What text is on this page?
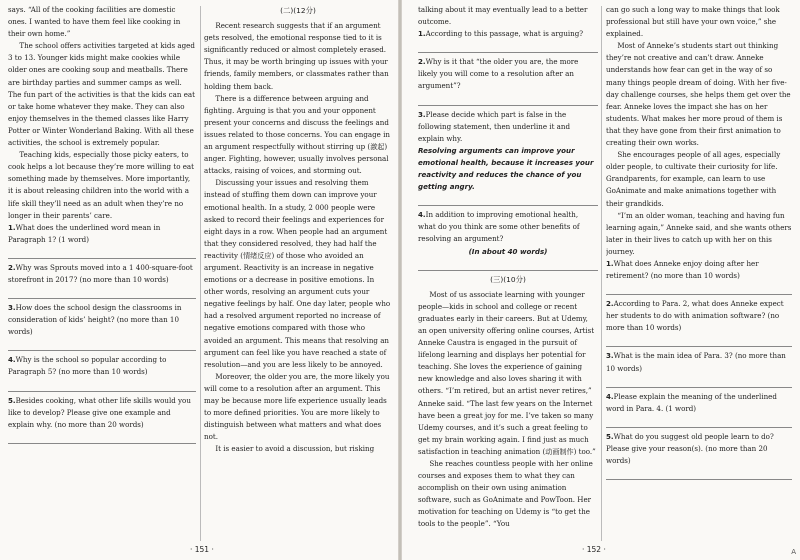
says. “All of the cooking facilities are domestic ones. I wanted to have them feel like cooking in their own home.”

The school offers activities targeted at kids aged 3 to 13. Younger kids might make cookies while older ones are cooking soup and meatballs. There are birthday parties and summer camps as well. The fun part of the activities is that the kids can eat or take home whatever they make. They can also enjoy themselves in the themed classes like Harry Potter or Winter Wonderland Baking. With all these activities, the school is extremely popular.

Teaching kids, especially those picky eaters, to cook helps a lot because they’re more willing to eat something made by themselves. More importantly, it is about releasing children into the world with a life skill they’ll need as an adult when they’re no longer in their parents’ care.

1.What does the underlined word mean in Paragraph 1? (1 word)

2.Why was Sprouts moved into a 1 400-square-foot storefront in 2017? (no more than 10 words)

3.How does the school design the classrooms in consideration of kids’ height? (no more than 10 words)

4.Why is the school so popular according to Paragraph 5? (no more than 10 words)

5.Besides cooking, what other life skills would you like to develop? Please give one example and explain why. (no more than 20 words)

(二)(12分)

Recent research suggests that if an argument gets resolved, the emotional response tied to it is significantly reduced or almost completely erased. Thus, it may be worth bringing up issues with your friends, family members, or classmates rather than holding them back.

There is a difference between arguing and fighting. Arguing is that you and your opponent present your concerns and discuss the feelings and issues related to those concerns. You can engage in an argument respectfully without stirring up (激起) anger. Fighting, however, usually involves personal attacks, raising of voices, and storming out.

Discussing your issues and resolving them instead of stuffing them down can improve your emotional health. In a study, 2 000 people were asked to record their feelings and experiences for eight days in a row. When people had an argument that they considered resolved, they had half the reactivity (情绪反应) of those who avoided an argument. Reactivity is an increase in negative emotions or a decrease in positive emotions. In other words, resolving an argument cuts your negative feelings by half. One day later, people who had a resolved argument reported no increase of negative emotions compared with those who avoided an argument. This means that resolving an argument can feel like you have reached a state of resolution—and you are less likely to be annoyed.

Moreover, the older you are, the more likely you will come to a resolution after an argument. This may be because more life experience usually leads to more defined priorities. You are more likely to distinguish between what matters and what does not.

It is easier to avoid a discussion, but risking

· 151 ·

talking about it may eventually lead to a better outcome.

1.According to this passage, what is arguing?

2.Why is it that “the older you are, the more likely you will come to a resolution after an argument”?

3.Please decide which part is false in the following statement, then underline it and explain why.

Resolving arguments can improve your emotional health, because it increases your reactivity and reduces the chance of you getting angry.

4.In addition to improving emotional health, what do you think are some other benefits of resolving an argument?

(In about 40 words)
(三)(10分)

Most of us associate learning with younger people—kids in school and college or recent graduates early in their careers. But at Udemy, an open university offering online courses, Artist Anneke Caustra is engaged in the pursuit of lifelong learning and displays her potential for teaching. She loves the experience of gaining new knowledge and also loves sharing it with others. “I’m retired, but an artist never retires,” Anneke said. “The last few years on the Internet have been a great joy for me. I’ve taken so many Udemy courses, and it’s such a great feeling to get my brain working again. I find just as much satisfaction in teaching animation (动画制作) too.”

She reaches countless people with her online courses and exposes them to what they can accomplish on their own using animation software, such as GoAnimate and PowToon. Her motivation for teaching on Udemy is “to get the tools to the people”. “You

can go such a long way to make things that look professional but still have your own voice,” she explained.

Most of Anneke’s students start out thinking they’re not creative and can’t draw. Anneke understands how fear can get in the way of so many things people dream of doing. With her five-day challenge courses, she helps them get over the fear. Anneke loves the impact she has on her students. What makes her more proud of them is that they have gone from their first animation to creating their own works.

She encourages people of all ages, especially older people, to cultivate their curiosity for life. Grandparents, for example, can learn to use GoAnimate and make animations together with their grandkids.

“I’m an older woman, teaching and having fun learning again,” Anneke said, and she wants others later in their lives to catch up with her on this journey.

1.What does Anneke enjoy doing after her retirement? (no more than 10 words)

2.According to Para. 2, what does Anneke expect her students to do with animation software? (no more than 10 words)

3.What is the main idea of Para. 3? (no more than 10 words)

4.Please explain the meaning of the underlined word in Para. 4. (1 word)

5.What do you suggest old people learn to do? Please give your reason(s). (no more than 20 words)

· 152 ·	A
